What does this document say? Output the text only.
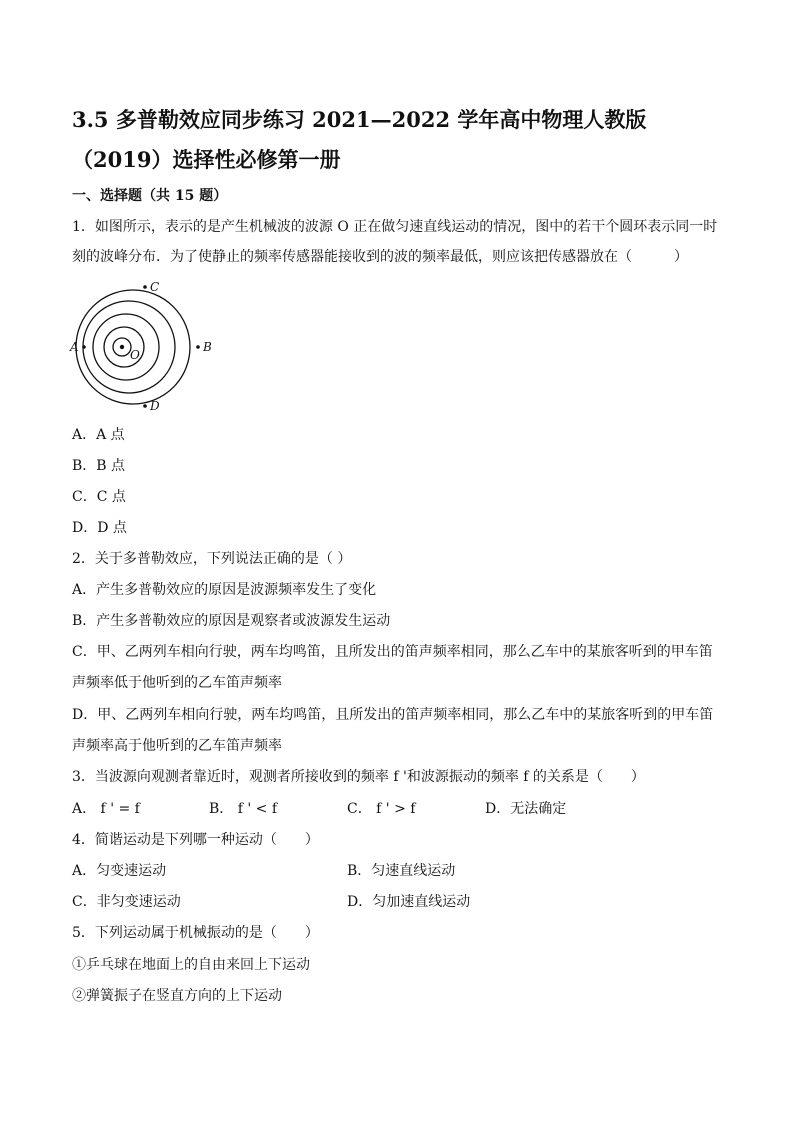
3.5 多普勒效应同步练习 2021—2022 学年高中物理人教版（2019）选择性必修第一册
一、选择题（共 15 题）
1．如图所示，表示的是产生机械波的波源 O 正在做匀速直线运动的情况，图中的若干个圆环表示同一时
刻的波峰分布．为了使静止的频率传感器能接收到的波的频率最低，则应该把传感器放在（　　　）
C
A
O
B
D
A．A 点
B．B 点
C．C 点
D．D 点
2．关于多普勒效应，下列说法正确的是（ ）
A．产生多普勒效应的原因是波源频率发生了变化
B．产生多普勒效应的原因是观察者或波源发生运动
C．甲、乙两列车相向行驶，两车均鸣笛，且所发出的笛声频率相同，那么乙车中的某旅客听到的甲车笛
声频率低于他听到的乙车笛声频率
D．甲、乙两列车相向行驶，两车均鸣笛，且所发出的笛声频率相同，那么乙车中的某旅客听到的甲车笛
声频率高于他听到的乙车笛声频率
3．当波源向观测者靠近时，观测者所接收到的频率 f '和波源振动的频率 f 的关系是（　　）
A． f ' = f	B． f ' < f	C． f ' > f	D．无法确定
4．简谐运动是下列哪一种运动（　　）
A．匀变速运动	B．匀速直线运动
C．非匀变速运动	D．匀加速直线运动
5．下列运动属于机械振动的是（　　）
①乒乓球在地面上的自由来回上下运动
②弹簧振子在竖直方向的上下运动
